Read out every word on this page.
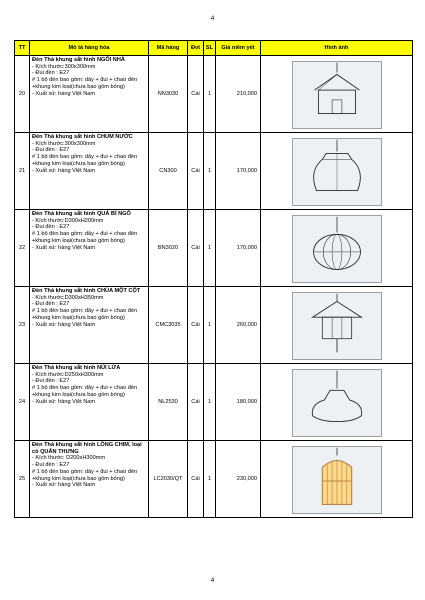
4
TT	Mô tả hàng hóa	Mã hàng	Đvt	SL	Giá niêm yết	Hình ảnh
20	Đèn Thả khung sắt hình NGÔI NHÀ
- Kích thước:300x300mm
- Đui đèn : E27
# 1 bộ đèn bao gồm: dây + đui + chao đèn +khung kim loại(chưa bao gồm bóng)
- Xuất xứ: hàng Việt Nam	NN3030	Cái	1	210,000	

21	Đèn Thả khung sắt hình CHUM NƯỚC
- Kích thước:300x300mm
- Đui đèn : E27
# 1 bộ đèn bao gồm: dây + đui + chao đèn +khung kim loại(chưa bao gồm bóng)
- Xuất xứ: hàng Việt Nam	CN300	Cái	1	170,000	

22	Đèn Thả khung sắt hình QUẢ BÍ NGÔ
- Kích thước:D300xH200mm
- Đui đèn : E27
# 1 bộ đèn bao gồm: dây + đui + chao đèn +khung kim loại(chưa bao gồm bóng)
- Xuất xứ: hàng Việt Nam	BN3020	Cái	1	170,000	

23	Đèn Thả khung sắt hình CHÙA MỘT CỘT
- Kích thước:D300xH350mm
- Đui đèn : E27
# 1 bộ đèn bao gồm: dây + đui + chao đèn +khung kim loại(chưa bao gồm bóng)
- Xuất xứ: hàng Việt Nam	CMC3035	Cái	1	260,000	

24	Đèn Thả khung sắt hình NÚI LỬA
- Kích thước:D250xH300mm
- Đui đèn : E27
# 1 bộ đèn bao gồm: dây + đui + chao đèn +khung kim loại(chưa bao gồm bóng)
- Xuất xứ: hàng Việt Nam	NL2530	Cái	1	180,000	

25	Đèn Thả khung sắt hình LỒNG CHIM, loại có QUÂN THƯNG
- Kích thước: D200xH300mm
- Đui đèn : E27
# 1 bộ đèn bao gồm: dây + đui + chao đèn +khung kim loại(chưa bao gồm bóng)
- Xuất xứ: hàng Việt Nam	LC2030/QT	Cái	1	230,000	
4
